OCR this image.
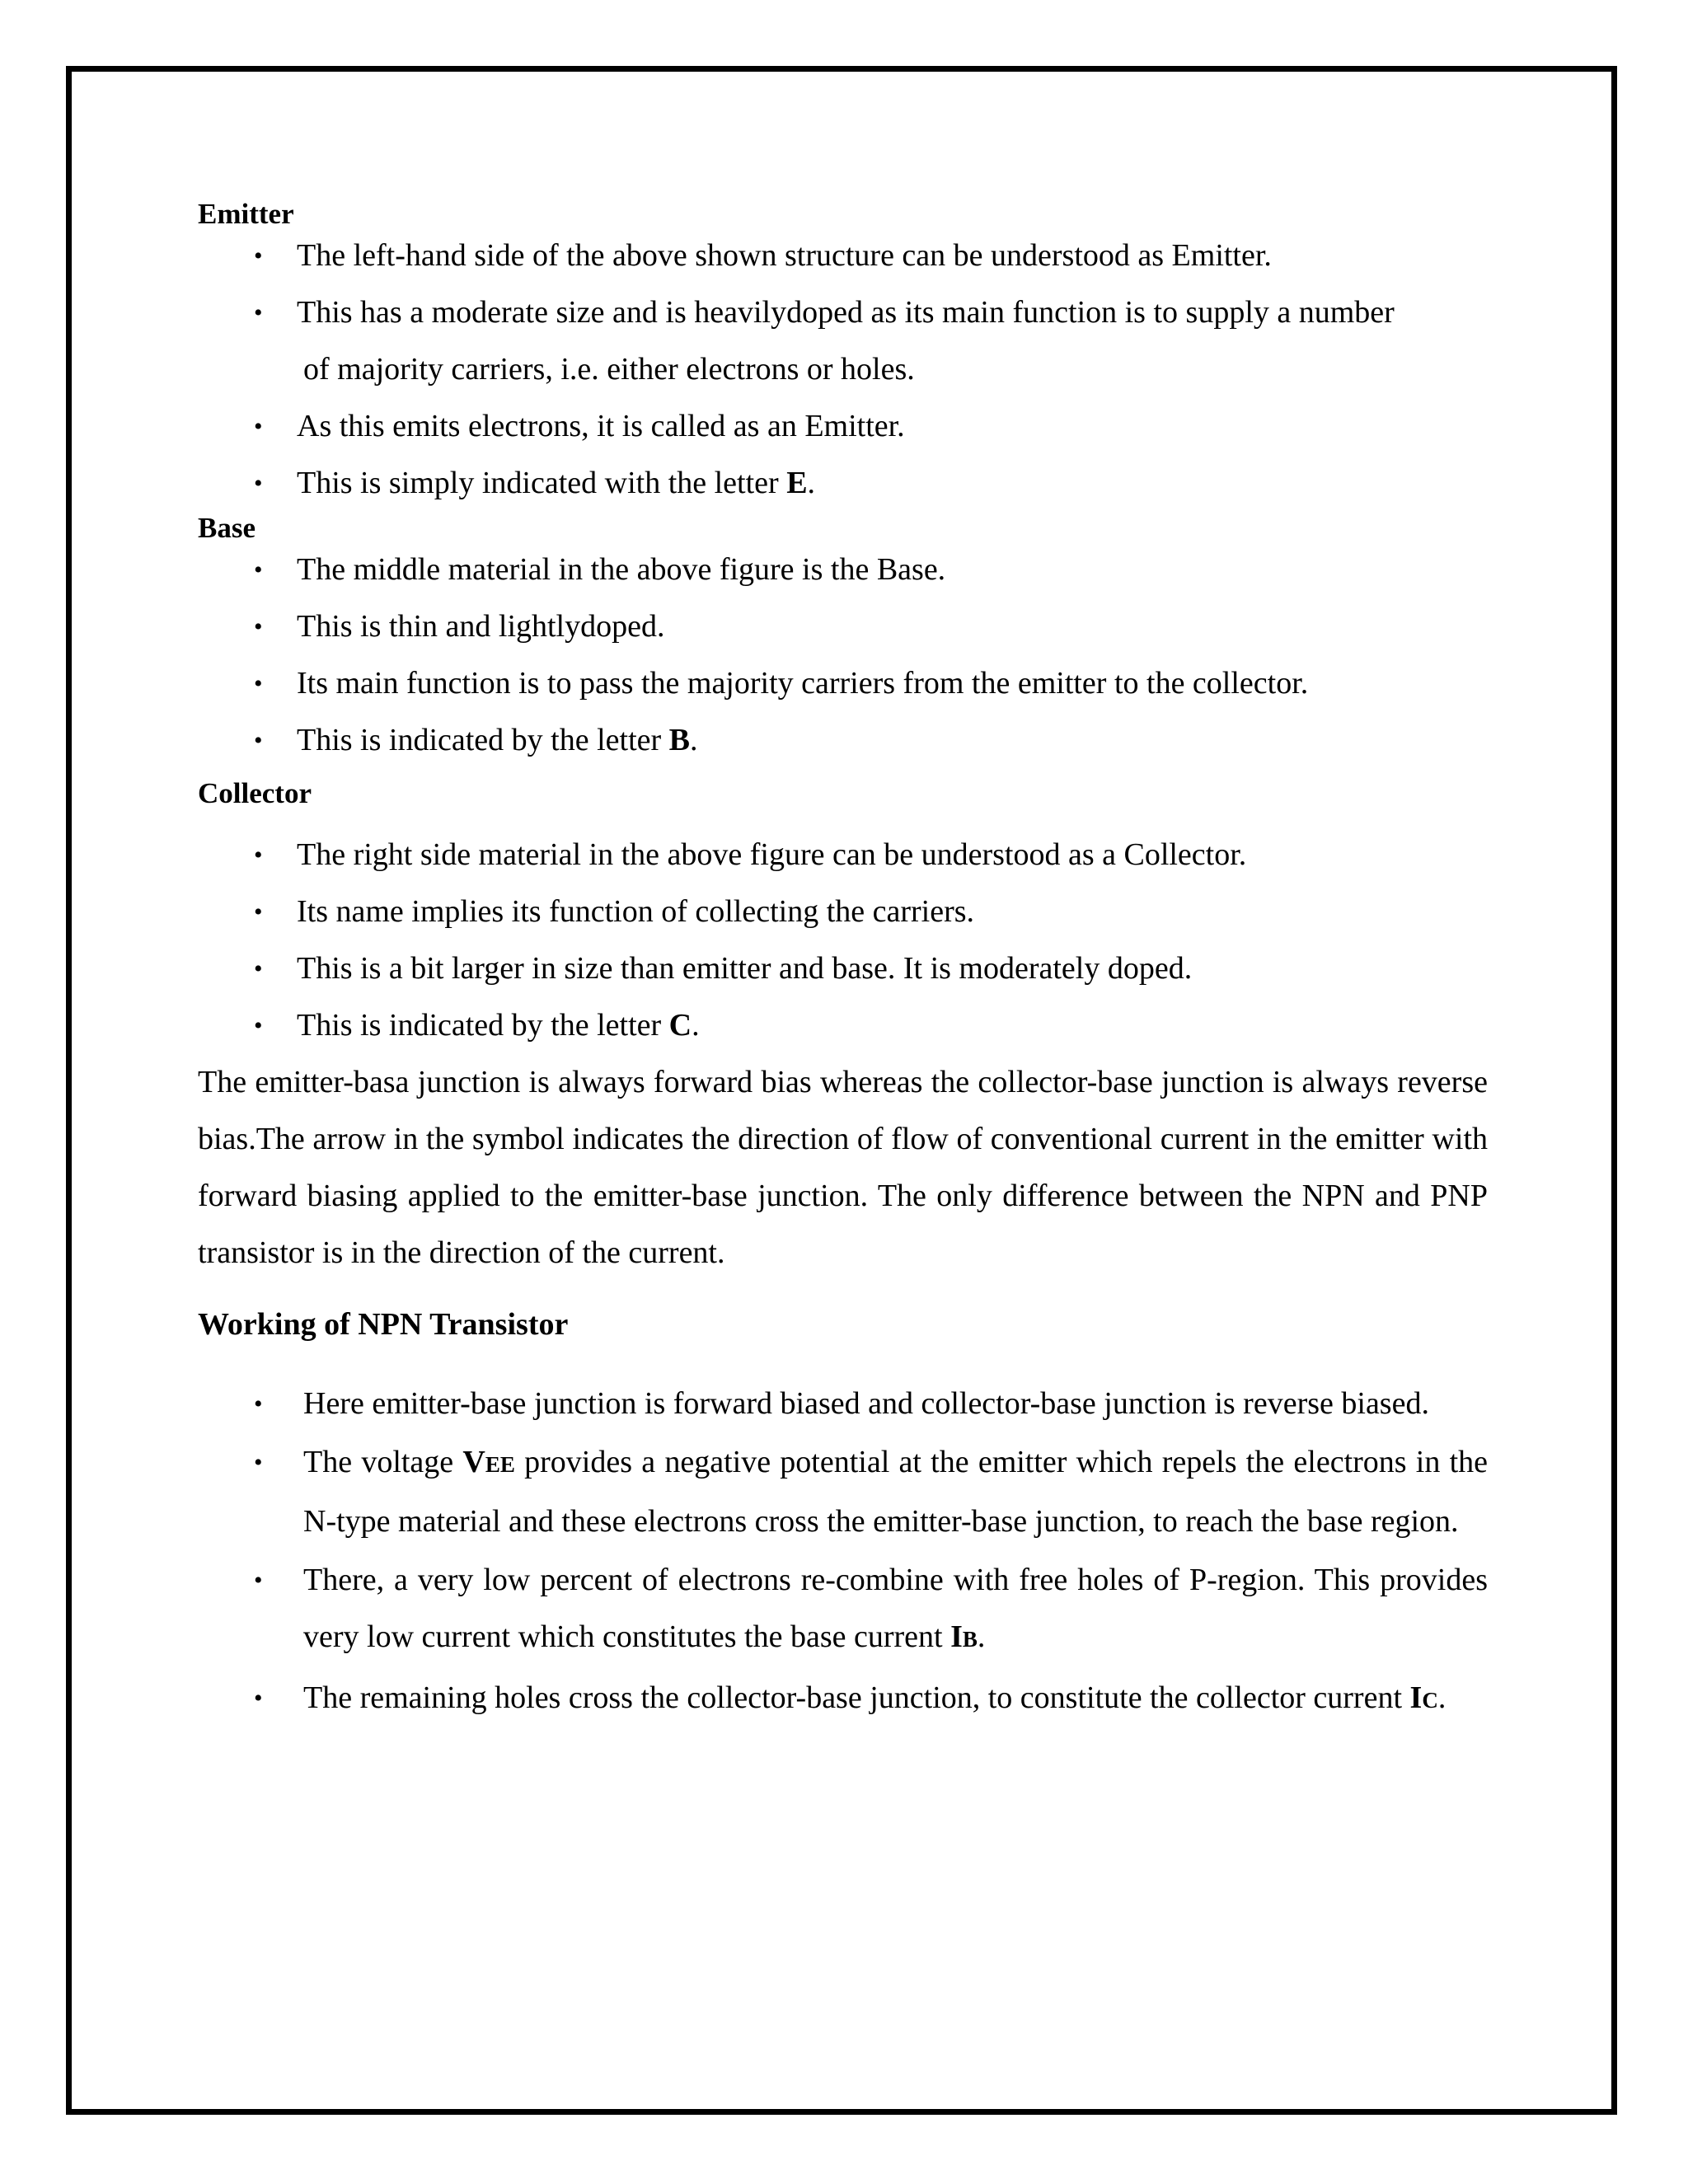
Emitter

• The left-hand side of the above shown structure can be understood as Emitter.
• This has a moderate size and is heavilydoped as its main function is to supply a number
of majority carriers, i.e. either electrons or holes.
• As this emits electrons, it is called as an Emitter.
• This is simply indicated with the letter E.

Base

• The middle material in the above figure is the Base.
• This is thin and lightlydoped.
• Its main function is to pass the majority carriers from the emitter to the collector.
• This is indicated by the letter B.

Collector

• The right side material in the above figure can be understood as a Collector.
• Its name implies its function of collecting the carriers.
• This is a bit larger in size than emitter and base. It is moderately doped.
• This is indicated by the letter C.

The emitter-basa junction is always forward bias whereas the collector-base junction is always reverse bias.The arrow in the symbol indicates the direction of flow of conventional current in the emitter with forward biasing applied to the emitter-base junction. The only difference between the NPN and PNP transistor is in the direction of the current.

Working of NPN Transistor

• Here emitter-base junction is forward biased and collector-base junction is reverse biased.
• The voltage VEE provides a negative potential at the emitter which repels the electrons in the N-type material and these electrons cross the emitter-base junction, to reach the base region.
• There, a very low percent of electrons re-combine with free holes of P-region. This provides very low current which constitutes the base current IB.
• The remaining holes cross the collector-base junction, to constitute the collector current IC.
